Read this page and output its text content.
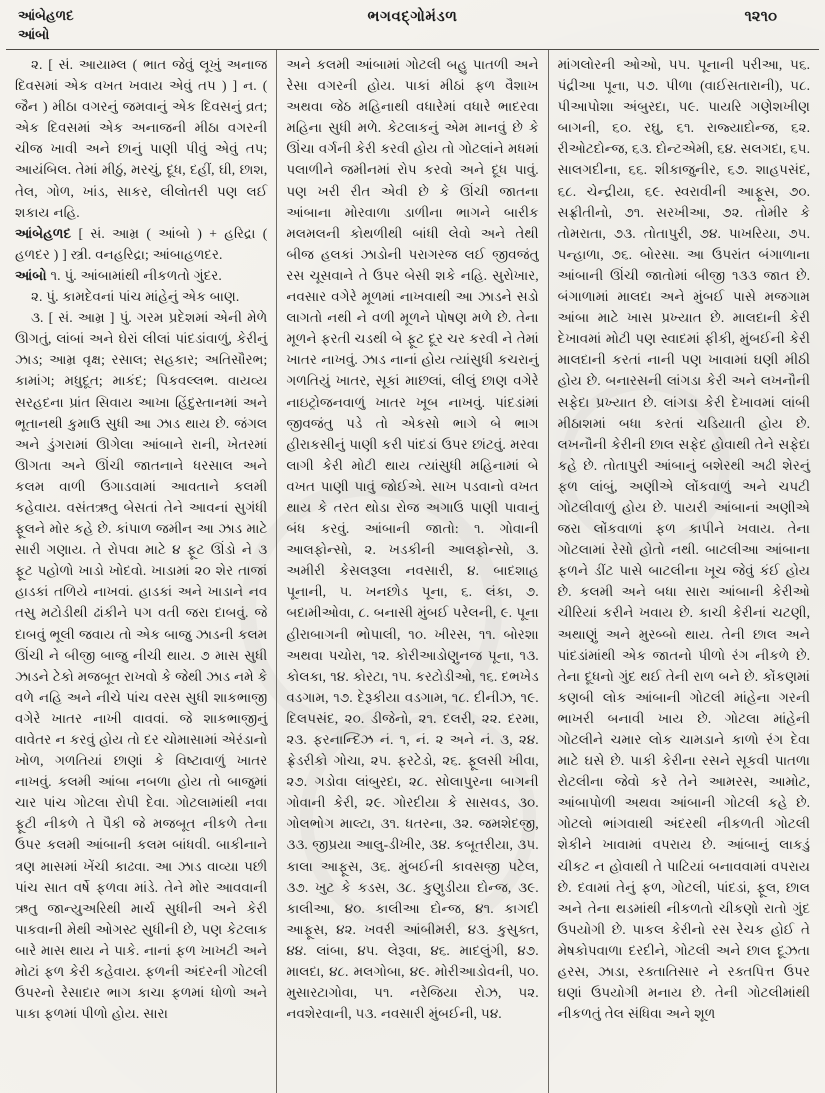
આંબેહળદ
આંબો
ભગવદ્ગોમંડળ	૧૨૧૦

૨. [ સં. આયામ્લ ( ભાત જેવું લૂખું અનાજ દિવસમાં એક વખત ખવાય એવું તપ ) ] ન. ( જૈન ) મીઠા વગરનું જમવાનું એક દિવસનું વ્રત; એક દિવસમાં એક અનાજની મીઠા વગરની ચીજ ખાવી અને છાનું પાણી પીવું એવું તપ; આયંબિલ. તેમાં મીઠું, મરચું, દૂધ, દહીં, ઘી, છાશ, તેલ, ગોળ, ખાંડ, સાકર, લીલોતરી પણ લઈ શકાય નહિ.

આંબેહળદ [ સં. આમ્ર ( આંબો ) + હરિદ્રા ( હળદર ) ] સ્ત્રી. વનહરિદ્રા; આંબાહળદર.

આંબો ૧. પું. આંબામાંથી નીકળતો ગુંદર.

૨. પું. કામદેવનાં પાંચ માંહેનું એક બાણ.

૩. [ સં. આમ્ર ] પું. ગરમ પ્રદેશમાં એની મેળે ઊગતું, લાંબાં અને ઘેરાં લીલાં પાંદડાંવાળું, કેરીનું ઝાડ; આમ્ર વૃક્ષ; રસાલ; સહકાર; અતિસૌરભ; કામાંગ; મધુદૂત; માકંદ; પિકવલ્લભ. વાયવ્ય સરહદના પ્રાંત સિવાય આખા હિંદુસ્તાનમાં અને ભૂતાનથી કુમાઉ સુધી આ ઝાડ થાય છે. જંગલ અને ડુંગરામાં ઊગેલા આંબાને રાની, ખેતરમાં ઊગતા અને ઊંચી જાતનાને ધરસાલ અને કલમ વાળી ઉગાડવામાં આવતાને કલમી કહેવાય. વસંતઋતુ બેસતાં તેને આવનાં સુગંધી ફૂલને મોર કહે છે. કાંપાળ જમીન આ ઝાડ માટે સારી ગણાય. તે રોપવા માટે ૪ ફૂટ ઊંડો ને ૩ ફૂટ પહોળો ખાડો ખોદવો. ખાડામાં ૨૦ શેર તાજાં હાડકાં તળિયે નાખવાં. હાડકાં અને ખાડાને નવ તસુ મટોડીથી ઢાંકીને પગ વતી જરા દાબવું. જે દાબવું ભૂલી જવાય તો એક બાજુ ઝાડની કલમ ઊંચી ને બીજી બાજુ નીચી થાય. ૭ માસ સુધી ઝાડને ટેકો મજબૂત રાખવો કે જેથી ઝાડ નમે કે વળે નહિ અને નીચે પાંચ વરસ સુધી શાકભાજી વગેરે ખાતર નાખી વાવવાં. જે શાકભાજીનું વાવેતર ન કરવું હોય તો દર ચોમાસામાં એરંડાનો ખોળ, ગળતિયાં છાણાં કે વિષ્ટાવાળું ખાતર નાખવું. કલમી આંબા નબળા હોય તો બાજુમાં ચાર પાંચ ગોટલા રોપી દેવા. ગોટલામાંથી નવા ફૂટી નીકળે તે પૈકી જે મજબૂત નીકળે તેના ઉપર કલમી આંબાની કલમ બાંધવી. બાકીનાને ત્રણ માસમાં ખેંચી કાઢવા. આ ઝાડ વાવ્યા પછી પાંચ સાત વર્ષે ફળવા માંડે. તેને મોર આવવાની ઋતુ જાન્યુઅરિથી માર્ચ સુધીની અને કેરી પાકવાની મેથી ઓગસ્ટ સુધીની છે, પણ કેટલાક બારે માસ થાય ને પાકે. નાનાં ફળ ખાખટી અને મોટાં ફળ કેરી કહેવાય. ફળની અંદરની ગોટલી ઉપરનો રેસાદાર ભાગ કાચા ફળમાં ધોળો અને પાકા ફળમાં પીળો હોય. સારા

અને કલમી આંબામાં ગોટલી બહુ પાતળી અને રેસા વગરની હોય. પાકાં મીઠાં ફળ વૈશાખ અથવા જેઠ મહિનાથી વધારેમાં વધારે ભાદરવા મહિના સુધી મળે. કેટલાકનું એમ માનવું છે કે ઊંચા વર્ગની કેરી કરવી હોય તો ગોટલાંને મધમાં પલાળીને જમીનમાં રોપ કરવો અને દૂધ પાવું. પણ ખરી રીત એવી છે કે ઊંચી જાતના આંબાના મોરવાળા ડાળીના ભાગને બારીક મલમલની કોથળીથી બાંધી લેવો અને તેથી બીજ હલકાં ઝાડોની પરાગરજ લઈ જીવજંતુ રસ ચૂસવાને તે ઉપર બેસી શકે નહિ. સુરોખાર, નવસાર વગેરે મૂળમાં નાખવાથી આ ઝાડને સડો લાગતો નથી ને વળી મૂળને પોષણ મળે છે. તેના મૂળને ફરતી ચડથી બે ફૂટ દૂર ચર કરવી ને તેમાં ખાતર નાખવું. ઝાડ નાનાં હોય ત્યાંસુધી કચરાનું ગળતિયું ખાતર, સૂકાં માછલાં, લીલું છાણ વગેરે નાઇટ્રોજનવાળું ખાતર ખૂબ નાખવું. પાંદડાંમાં જીવજંતુ પડે તો એકસો ભાગે બે ભાગ હીરાકસીનું પાણી કરી પાંદડાં ઉપર છાંટવું. મરવા લાગી કેરી મોટી થાય ત્યાંસુધી મહિનામાં બે વખત પાણી પાવું જોઈએ. સાખ પડવાનો વખત થાય કે તરત થોડા રોજ અગાઉ પાણી પાવાનું બંધ કરવું. આંબાની જાતો: ૧. ગોવાની આલફોન્સો, ૨. ખડકીની આલફોન્સો, ૩. અમીરી કેસલરૂલા નવસારી, ૪. બાદશાહ પૂનાની, ૫. ખનછોડ પૂના, ૬. લંકા, ૭. બદામીઓવા, ૮. બનાસી મુંબઈ પરેલની, ૯. પૂના હીરાબાગની ભોપાલી, ૧૦. ખીરસ, ૧૧. બોરશા અથવા પચોરા, ૧૨. કોરીઆડોણુનજ પૂના, ૧૩. કોલકા, ૧૪. કોરટા, ૧૫. કરટોડીઓ, ૧૬. દભખેડ વડગામ, ૧૭. દેરૂકીયા વડગામ, ૧૮. દીનીઝ, ૧૯. દિલપસંદ, ૨૦. ડીજેનો, ૨૧. દલરી, ૨૨. દરમા, ૨૩. ફરનાન્દિઝ નં. ૧, નં. ૨ અને નં. ૩, ૨૪. ફ્રેડરીકો ગોચા, ૨૫. ફરટેડો, ૨૬. ફૂલસી ખીવા, ૨૭. ગડોવા લાંબુરદા, ૨૮. સોલાપુરના બાગની ગોવાની કેરી, ૨૯. ગોરદીયા કે સાસવડ, ૩૦. ગોલભોગ માલ્ટા, ૩૧. ધતરના, ૩૨. જમશેદજી, ૩૩. જીપ્રયા આલુ-ડીખીર, ૩૪. કબૂતરીયા, ૩૫. કાલા આફૂસ, ૩૬. મુંબઈની કાવસજી પટેલ, ૩૭. ખુટ કે કડસ, ૩૮. કુણુડીયા દોન્જ, ૩૯. કાલીઆ, ૪૦. કાલીઆ દોન્જ, ૪૧. કાગદી આફૂસ, ૪૨. ખવરી આંબીમરી, ૪૩. કુસુક્ત, ૪૪. લાંબા, ૪૫. લેરૂવા, ૪૬. માદલુંગી, ૪૭. માલદા, ૪૮. મલગોબા, ૪૯. મોરીઆડોવની, ૫૦. મુસારટાગોવા, ૫૧. નરેજિયા રોઝ, ૫૨. નવશેરવાની, ૫૩. નવસારી મુંબઈની, ૫૪.

માંગલોરની ઓઓ, ૫૫. પૂનાની પરીઆ, ૫૬. પંદ્રીઆ પૂના, ૫૭. પીળા (વાઈસતારાની), ૫૮. પીઆપોશા અંબુરદા, ૫૯. પાયરિ ગણેશખીણ બાગની, ૬૦. રઘુ, ૬૧. રાજ્યાદોન્જ, ૬૨. રીઓટદોન્જ, ૬૩. દોન્ટએમી, ૬૪. સલગદા, ૬૫. સાલગદીના, ૬૬. શીકાજુનીર, ૬૭. શાહપસંદ, ૬૮. ચેન્દ્રીયા, ૬૯. સ્વરાવીની આફૂસ, ૭૦. સફ્રીતીનો, ૭૧. સરખીઆ, ૭૨. તોમીર કે તોમરાતા, ૭૩. તોતાપુરી, ૭૪. પાખરિયા, ૭૫. પન્હાળા, ૭૬. બોરસા. આ ઉપરાંત બંગાળાના આંબાની ઊંચી જાતોમાં બીજી ૧૩૩ જાત છે. બંગાળામાં માલદા અને મુંબઈ પાસે મજગામ આંબા માટે ખાસ પ્રખ્યાત છે. માલદાની કેરી દેખાવમાં મોટી પણ સ્વાદમાં ફીકી, મુંબઈની કેરી માલદાની કરતાં નાની પણ ખાવામાં ઘણી મીઠી હોય છે. બનારસની લાંગડા કેરી અને લખનૌની સફેદા પ્રખ્યાત છે. લાંગડા કેરી દેખાવમાં લાંબી મીઠાશમાં બધા કરતાં ચડિયાતી હોય છે. લખનૌની કેરીની છાલ સફેદ હોવાથી તેને સફેદા કહે છે. તોતાપુરી આંબાનું બશેરથી અઢી શેરનું ફળ લાંબું, અણીએ લોંકવાળું અને ચપટી ગોટલીવાળું હોય છે. પાયરી આંબાનાં અણીએ જરા લોંકવાળાં ફળ કાપીને ખવાય. તેના ગોટલામાં રેસો હોતો નથી. બાટલીઆ આંબાના ફળને ડીંટ પાસે બાટલીના ખૂચ જેવું કંઈ હોય છે. કલમી અને બધા સારા આંબાની કેરીઓ ચીરિયાં કરીને ખવાય છે. કાચી કેરીનાં ચટણી, અથાણું અને મુરબ્બો થાય. તેની છાલ અને પાંદડાંમાંથી એક જાતનો પીળો રંગ નીકળે છે. તેના દૂધનો ગુંદ થઈ તેની રાળ બને છે. કોંકણમાં કણબી લોક આંબાની ગોટલી માંહેના ગરની ભાખરી બનાવી ખાય છે. ગોટલા માંહેની ગોટલીને ચમાર લોક ચામડાને કાળો રંગ દેવા માટે ઘસે છે. પાકી કેરીના રસને સૂકવી પાતળા રોટલીના જેવો કરે તેને આમરસ, આમોટ, આંબાપોળી અથવા આંબાની ગોટલી કહે છે. ગોટલો ભાંગવાથી અંદરથી નીકળતી ગોટલી શેકીને ખાવામાં વપરાય છે. આંબાનું લાકડું ચીકટ ન હોવાથી તે પાટિયાં બનાવવામાં વપરાય છે. દવામાં તેનું ફળ, ગોટલી, પાંદડાં, ફૂલ, છાલ અને તેના થડમાંથી નીકળતો ચીકણો રાતો ગુંદ ઉપયોગી છે. પાકલ કેરીનો રસ રેચક હોઈ તે મેષકોપવાળા દરદીને, ગોટલી અને છાલ દૂઝતા હરસ, ઝાડા, રક્તાતિસાર ને રક્તપિત્ત ઉપર ઘણાં ઉપયોગી મનાય છે. તેની ગોટલીમાંથી નીકળતું તેલ સંધિવા અને શૂળ
